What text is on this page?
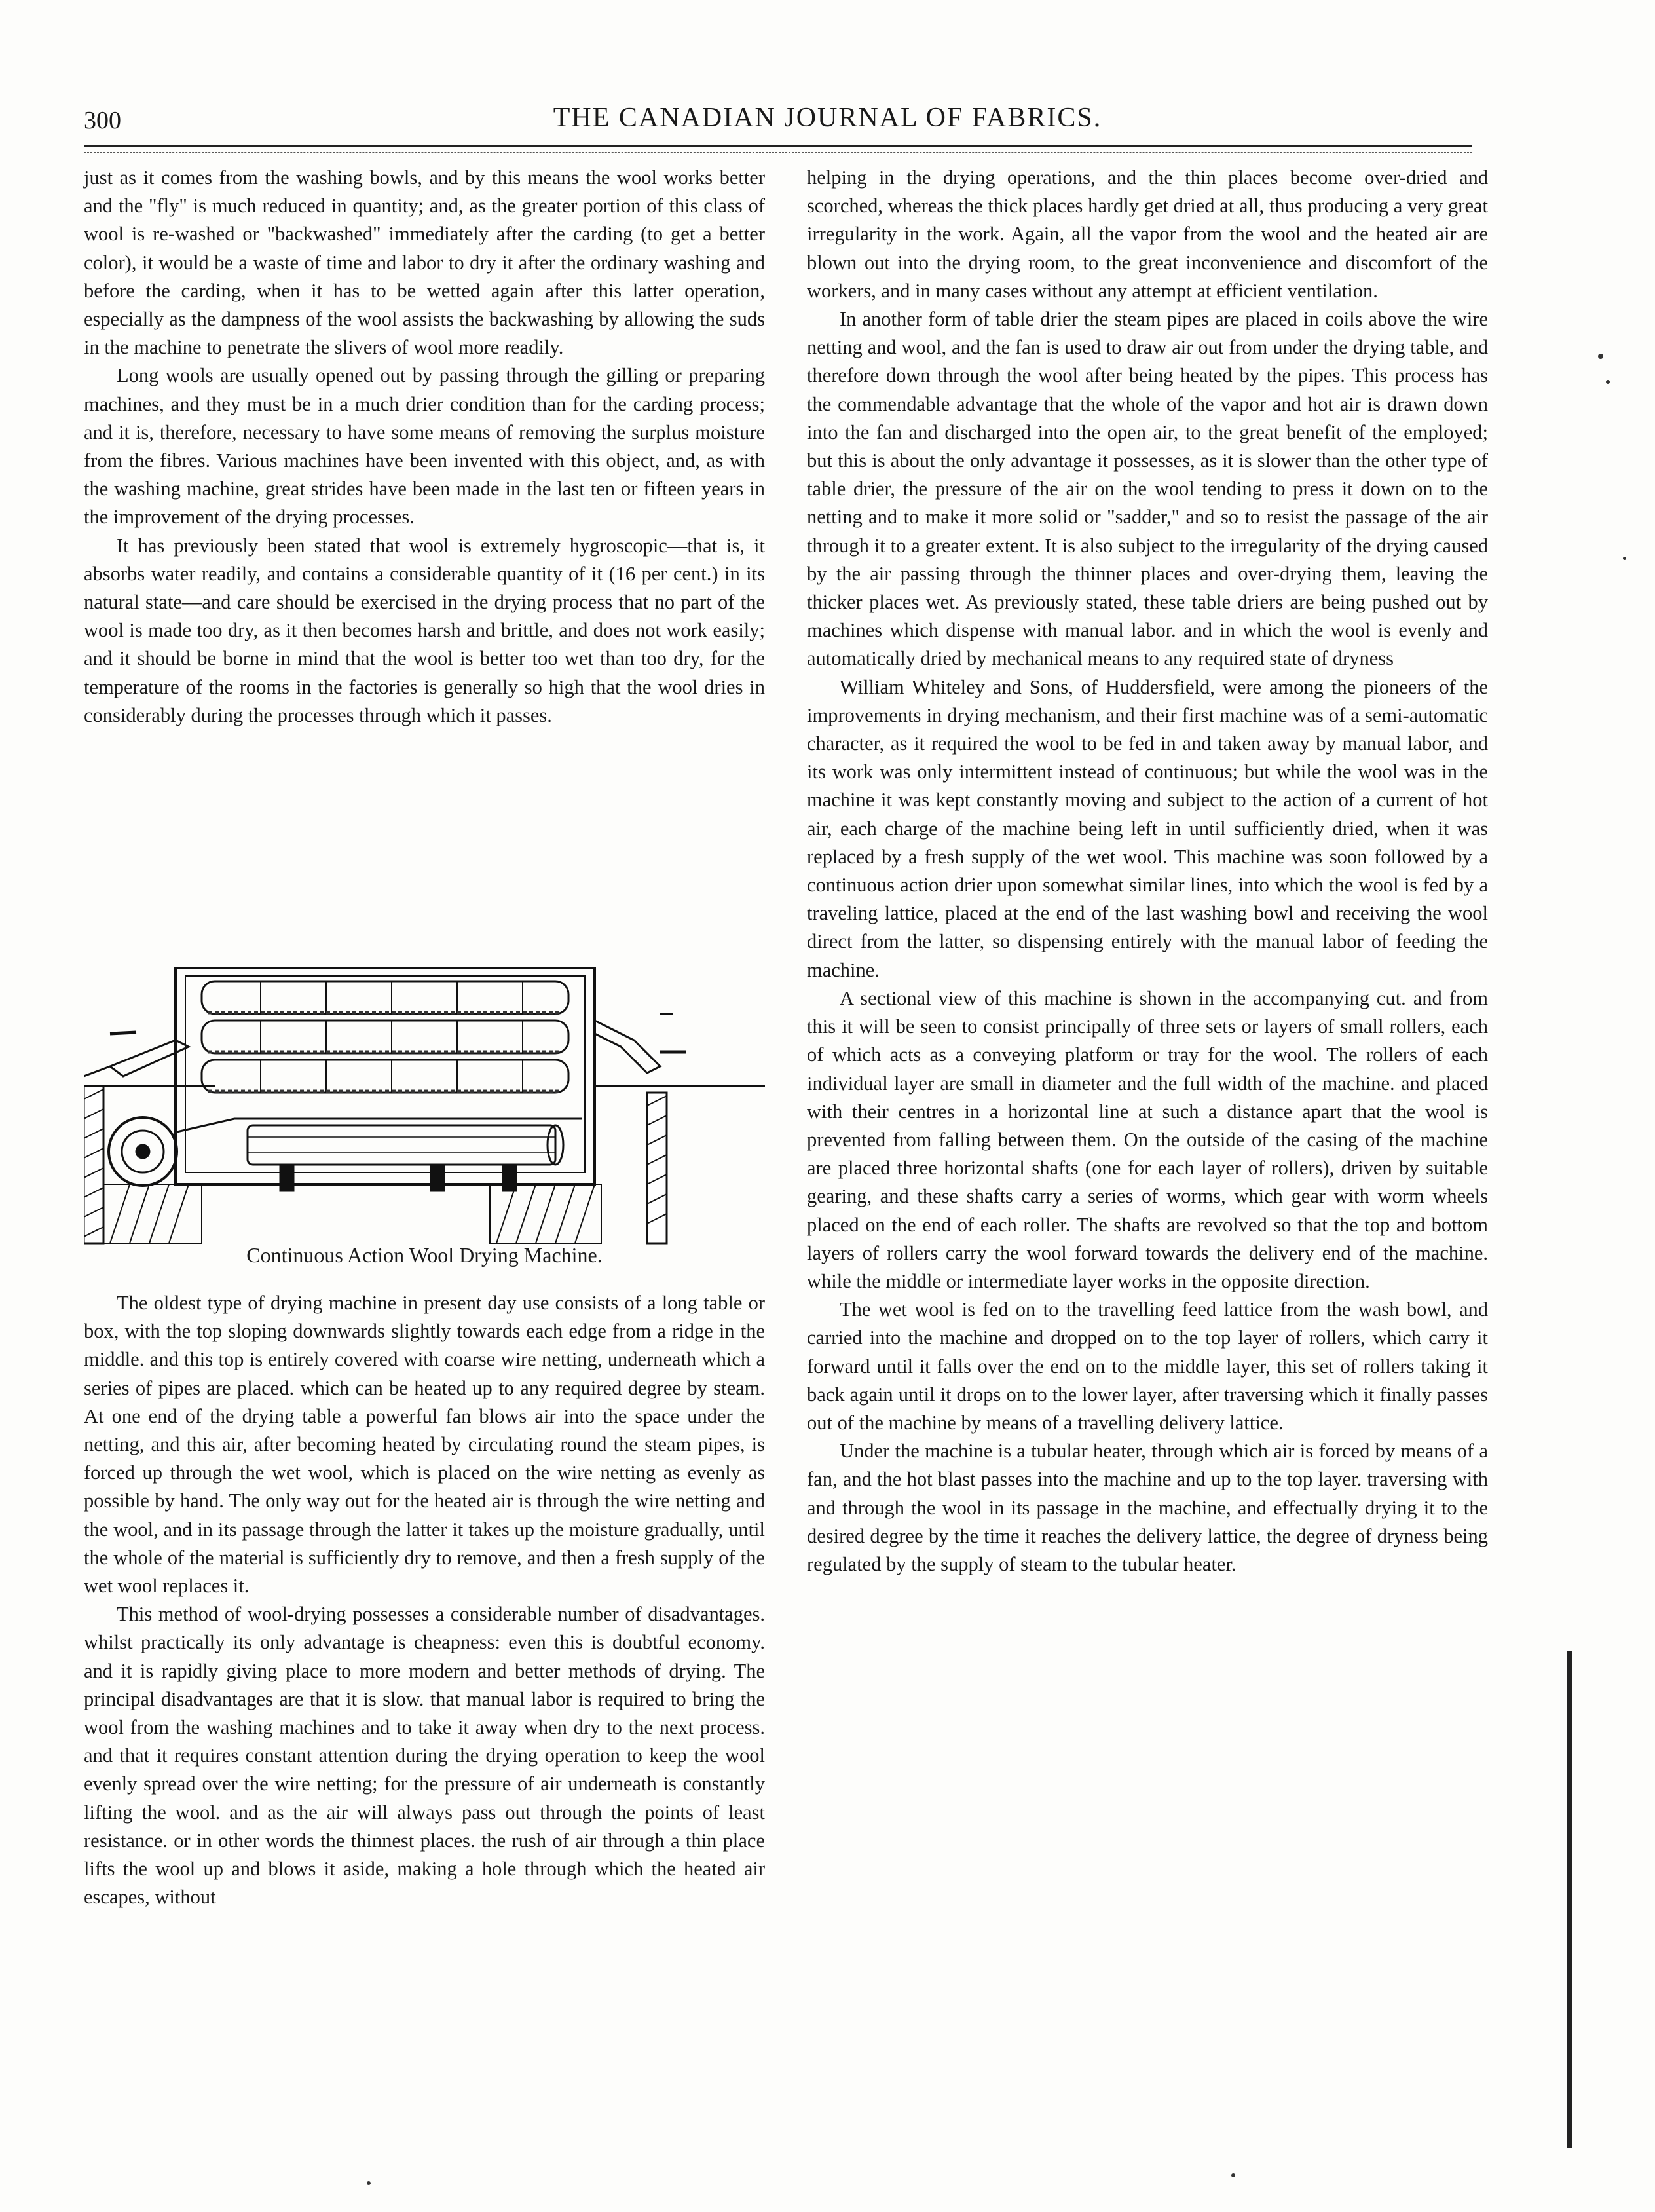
300	THE CANADIAN JOURNAL OF FABRICS.

just as it comes from the washing bowls, and by this means the wool works better and the "fly" is much reduced in quantity; and, as the greater portion of this class of wool is re-washed or "backwashed" immediately after the carding (to get a better color), it would be a waste of time and labor to dry it after the ordinary washing and before the carding, when it has to be wetted again after this latter operation, especially as the dampness of the wool assists the backwashing by allowing the suds in the machine to penetrate the slivers of wool more readily.

Long wools are usually opened out by passing through the gilling or preparing machines, and they must be in a much drier condition than for the carding process; and it is, therefore, necessary to have some means of removing the surplus moisture from the fibres. Various machines have been invented with this object, and, as with the washing machine, great strides have been made in the last ten or fifteen years in the improvement of the drying processes.

It has previously been stated that wool is extremely hygroscopic—that is, it absorbs water readily, and contains a considerable quantity of it (16 per cent.) in its natural state—and care should be exercised in the drying process that no part of the wool is made too dry, as it then becomes harsh and brittle, and does not work easily; and it should be borne in mind that the wool is better too wet than too dry, for the temperature of the rooms in the factories is generally so high that the wool dries in considerably during the processes through which it passes.

Continuous Action Wool Drying Machine.

The oldest type of drying machine in present day use consists of a long table or box, with the top sloping downwards slightly towards each edge from a ridge in the middle. and this top is entirely covered with coarse wire netting, underneath which a series of pipes are placed. which can be heated up to any required degree by steam. At one end of the drying table a powerful fan blows air into the space under the netting, and this air, after becoming heated by circulating round the steam pipes, is forced up through the wet wool, which is placed on the wire netting as evenly as possible by hand. The only way out for the heated air is through the wire netting and the wool, and in its passage through the latter it takes up the moisture gradually, until the whole of the material is sufficiently dry to remove, and then a fresh supply of the wet wool replaces it.

This method of wool-drying possesses a considerable number of disadvantages. whilst practically its only advantage is cheapness: even this is doubtful economy. and it is rapidly giving place to more modern and better methods of drying. The principal disadvantages are that it is slow. that manual labor is required to bring the wool from the washing machines and to take it away when dry to the next process. and that it requires constant attention during the drying operation to keep the wool evenly spread over the wire netting; for the pressure of air underneath is constantly lifting the wool. and as the air will always pass out through the points of least resistance. or in other words the thinnest places. the rush of air through a thin place lifts the wool up and blows it aside, making a hole through which the heated air escapes, without

helping in the drying operations, and the thin places become over-dried and scorched, whereas the thick places hardly get dried at all, thus producing a very great irregularity in the work. Again, all the vapor from the wool and the heated air are blown out into the drying room, to the great inconvenience and discomfort of the workers, and in many cases without any attempt at efficient ventilation.

In another form of table drier the steam pipes are placed in coils above the wire netting and wool, and the fan is used to draw air out from under the drying table, and therefore down through the wool after being heated by the pipes. This process has the commendable advantage that the whole of the vapor and hot air is drawn down into the fan and discharged into the open air, to the great benefit of the employed; but this is about the only advantage it possesses, as it is slower than the other type of table drier, the pressure of the air on the wool tending to press it down on to the netting and to make it more solid or "sadder," and so to resist the passage of the air through it to a greater extent. It is also subject to the irregularity of the drying caused by the air passing through the thinner places and over-drying them, leaving the thicker places wet. As previously stated, these table driers are being pushed out by machines which dispense with manual labor. and in which the wool is evenly and automatically dried by mechanical means to any required state of dryness

William Whiteley and Sons, of Huddersfield, were among the pioneers of the improvements in drying mechanism, and their first machine was of a semi-automatic character, as it required the wool to be fed in and taken away by manual labor, and its work was only intermittent instead of continuous; but while the wool was in the machine it was kept constantly moving and subject to the action of a current of hot air, each charge of the machine being left in until sufficiently dried, when it was replaced by a fresh supply of the wet wool. This machine was soon followed by a continuous action drier upon somewhat similar lines, into which the wool is fed by a traveling lattice, placed at the end of the last washing bowl and receiving the wool direct from the latter, so dispensing entirely with the manual labor of feeding the machine.

A sectional view of this machine is shown in the accompanying cut. and from this it will be seen to consist principally of three sets or layers of small rollers, each of which acts as a conveying platform or tray for the wool. The rollers of each individual layer are small in diameter and the full width of the machine. and placed with their centres in a horizontal line at such a distance apart that the wool is prevented from falling between them. On the outside of the casing of the machine are placed three horizontal shafts (one for each layer of rollers), driven by suitable gearing, and these shafts carry a series of worms, which gear with worm wheels placed on the end of each roller. The shafts are revolved so that the top and bottom layers of rollers carry the wool forward towards the delivery end of the machine. while the middle or intermediate layer works in the opposite direction.

The wet wool is fed on to the travelling feed lattice from the wash bowl, and carried into the machine and dropped on to the top layer of rollers, which carry it forward until it falls over the end on to the middle layer, this set of rollers taking it back again until it drops on to the lower layer, after traversing which it finally passes out of the machine by means of a travelling delivery lattice.

Under the machine is a tubular heater, through which air is forced by means of a fan, and the hot blast passes into the machine and up to the top layer. traversing with and through the wool in its passage in the machine, and effectually drying it to the desired degree by the time it reaches the delivery lattice, the degree of dryness being regulated by the supply of steam to the tubular heater.
